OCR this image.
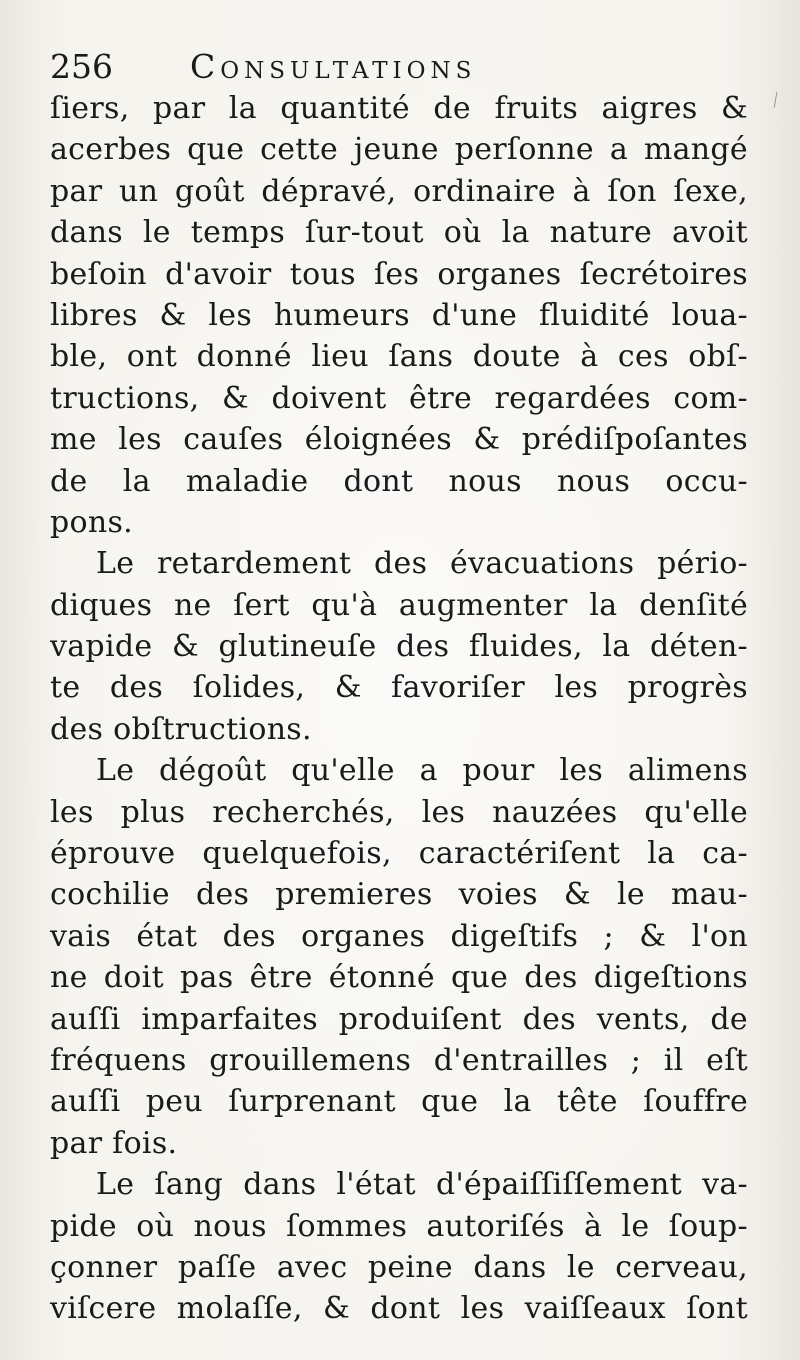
256 Consultations
ſiers, par la quantité de fruits aigres &
acerbes que cette jeune perſonne a mangé
par un goût dépravé, ordinaire à ſon ſexe,
dans le temps ſur-tout où la nature avoit
beſoin d'avoir tous ſes organes ſecrétoires
libres & les humeurs d'une fluidité loua-
ble, ont donné lieu ſans doute à ces obſ-
tructions, & doivent être regardées com-
me les cauſes éloignées & prédiſpoſantes
de la maladie dont nous nous occu-
pons.
Le retardement des évacuations pério-
diques ne ſert qu'à augmenter la denſité
vapide & glutineuſe des fluides, la déten-
te des ſolides, & favoriſer les progrès
des obſtructions.
Le dégoût qu'elle a pour les alimens
les plus recherchés, les nauzées qu'elle
éprouve quelquefois, caractériſent la ca-
cochilie des premieres voies & le mau-
vais état des organes digeſtifs ; & l'on
ne doit pas être étonné que des digeſtions
auſſi imparfaites produiſent des vents, de
fréquens grouillemens d'entrailles ; il eſt
auſſi peu ſurprenant que la tête ſouffre
par fois.
Le ſang dans l'état d'épaiſſiſſement va-
pide où nous ſommes autoriſés à le ſoup-
çonner paſſe avec peine dans le cerveau,
viſcere molaſſe, & dont les vaiſſeaux ſont
